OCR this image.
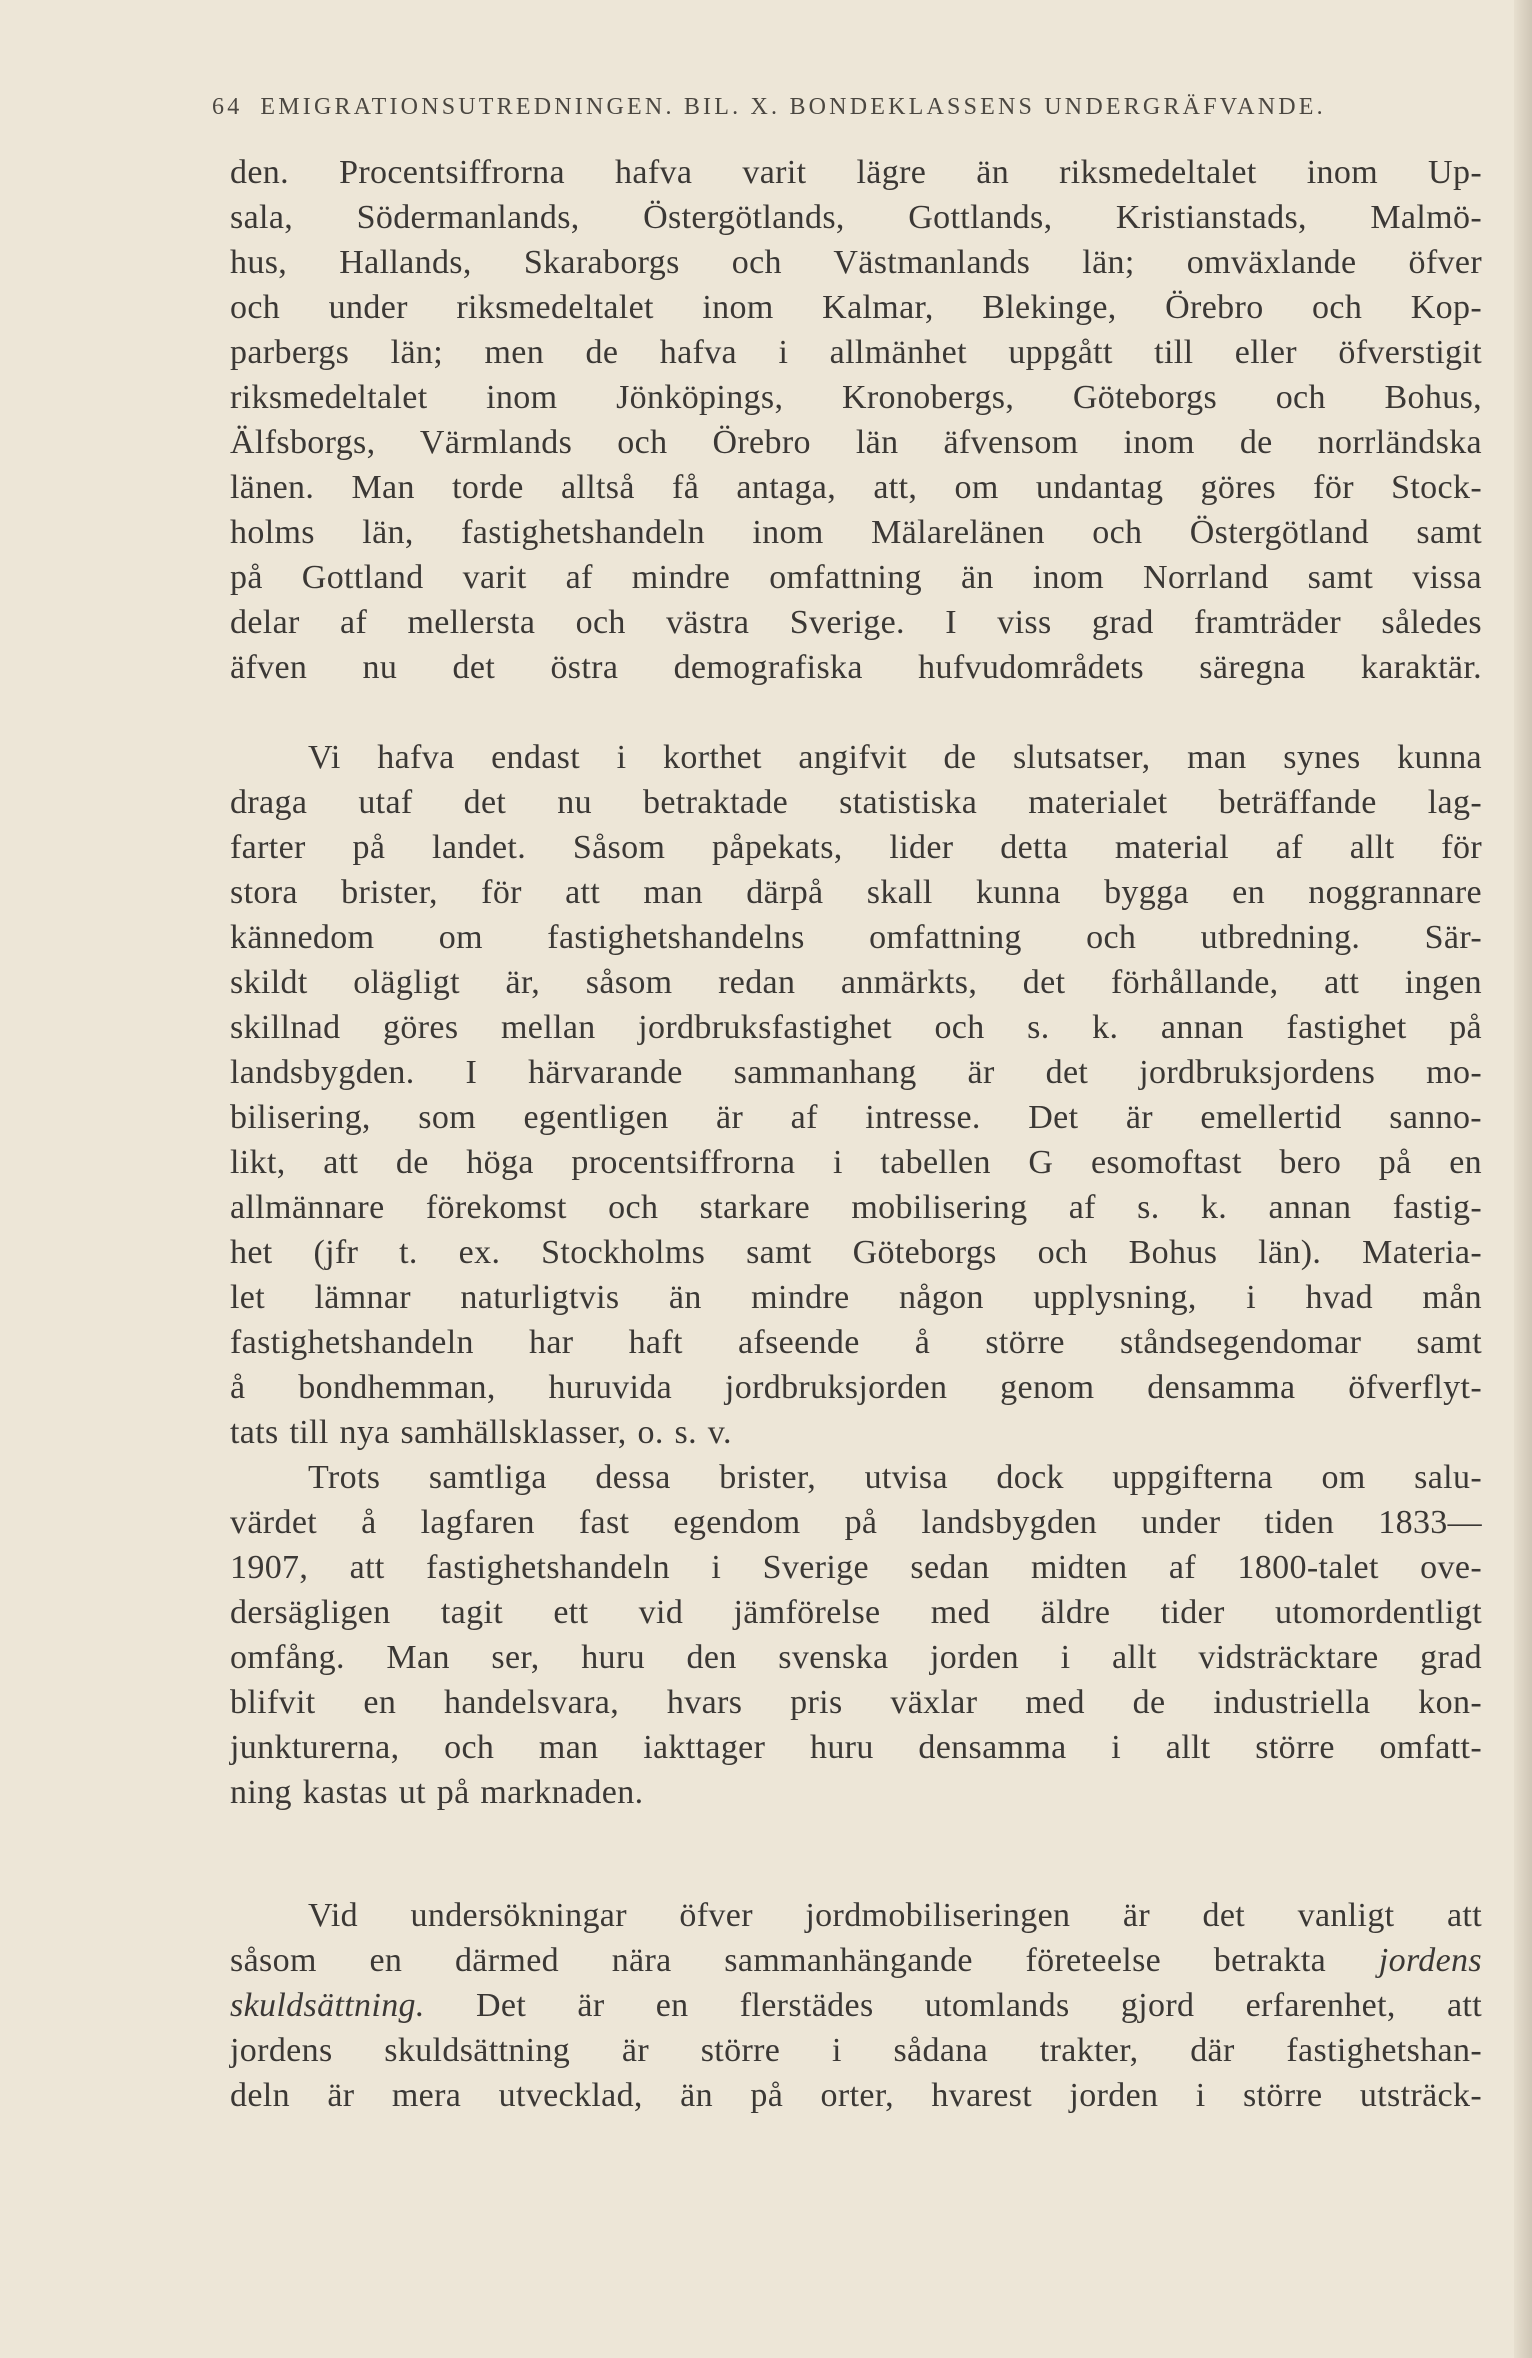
64 EMIGRATIONSUTREDNINGEN. BIL. X. BONDEKLASSENS UNDERGRÄFVANDE.
den. Procentsiffrorna hafva varit lägre än riksmedeltalet inom Up-
sala, Södermanlands, Östergötlands, Gottlands, Kristianstads, Malmö-
hus, Hallands, Skaraborgs och Västmanlands län; omväxlande öfver
och under riksmedeltalet inom Kalmar, Blekinge, Örebro och Kop-
parbergs län; men de hafva i allmänhet uppgått till eller öfverstigit
riksmedeltalet inom Jönköpings, Kronobergs, Göteborgs och Bohus,
Älfsborgs, Värmlands och Örebro län äfvensom inom de norrländska
länen. Man torde alltså få antaga, att, om undantag göres för Stock-
holms län, fastighetshandeln inom Mälarelänen och Östergötland samt
på Gottland varit af mindre omfattning än inom Norrland samt vissa
delar af mellersta och västra Sverige. I viss grad framträder således
äfven nu det östra demografiska hufvudområdets säregna karaktär.
Vi hafva endast i korthet angifvit de slutsatser, man synes kunna
draga utaf det nu betraktade statistiska materialet beträffande lag-
farter på landet. Såsom påpekats, lider detta material af allt för
stora brister, för att man därpå skall kunna bygga en noggrannare
kännedom om fastighetshandelns omfattning och utbredning. Sär-
skildt olägligt är, såsom redan anmärkts, det förhållande, att ingen
skillnad göres mellan jordbruksfastighet och s. k. annan fastighet på
landsbygden. I härvarande sammanhang är det jordbruksjordens mo-
bilisering, som egentligen är af intresse. Det är emellertid sanno-
likt, att de höga procentsiffrorna i tabellen G esomoftast bero på en
allmännare förekomst och starkare mobilisering af s. k. annan fastig-
het (jfr t. ex. Stockholms samt Göteborgs och Bohus län). Materia-
let lämnar naturligtvis än mindre någon upplysning, i hvad mån
fastighetshandeln har haft afseende å större ståndsegendomar samt
å bondhemman, huruvida jordbruksjorden genom densamma öfverflyt-
tats till nya samhällsklasser, o. s. v.
Trots samtliga dessa brister, utvisa dock uppgifterna om salu-
värdet å lagfaren fast egendom på landsbygden under tiden 1833—
1907, att fastighetshandeln i Sverige sedan midten af 1800-talet ove-
dersägligen tagit ett vid jämförelse med äldre tider utomordentligt
omfång. Man ser, huru den svenska jorden i allt vidsträcktare grad
blifvit en handelsvara, hvars pris växlar med de industriella kon-
junkturerna, och man iakttager huru densamma i allt större omfatt-
ning kastas ut på marknaden.
Vid undersökningar öfver jordmobiliseringen är det vanligt att
såsom en därmed nära sammanhängande företeelse betrakta jordens
skuldsättning. Det är en flerstädes utomlands gjord erfarenhet, att
jordens skuldsättning är större i sådana trakter, där fastighetshan-
deln är mera utvecklad, än på orter, hvarest jorden i större utsträck-
